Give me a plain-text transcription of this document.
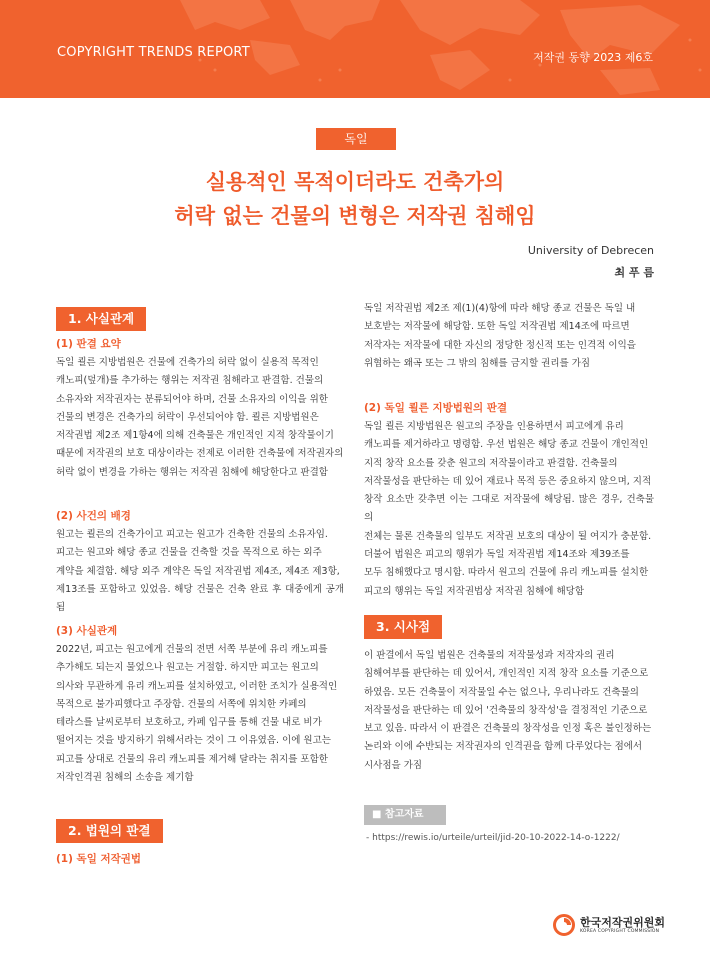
COPYRIGHT TRENDS REPORT	저작권 동향 2023 제6호
독일
실용적인 목적이더라도 건축가의
허락 없는 건물의 변형은 저작권 침해임
University of Debrecen
최 푸 름
1. 사실관계
(1) 판결 요약
독일 쾰른 지방법원은 건물에 건축가의 허락 없이 실용적 목적인
캐노피(덮개)를 추가하는 행위는 저작권 침해라고 판결함. 건물의
소유자와 저작권자는 분류되어야 하며, 건물 소유자의 이익을 위한
건물의 변경은 건축가의 허락이 우선되어야 함. 쾰른 지방법원은
저작권법 제2조 제1항4에 의해 건축물은 개인적인 지적 창작물이기
때문에 저작권의 보호 대상이라는 전제로 이러한 건축물에 저작권자의
허락 없이 변경을 가하는 행위는 저작권 침해에 해당한다고 판결함
(2) 사건의 배경
원고는 쾰른의 건축가이고 피고는 원고가 건축한 건물의 소유자임.
피고는 원고와 해당 종교 건물을 건축할 것을 목적으로 하는 외주
계약을 체결함. 해당 외주 계약은 독일 저작권법 제4조, 제4조 제3항,
제13조를 포함하고 있었음. 해당 건물은 건축 완료 후 대중에게 공개됨
(3) 사실관계
2022년, 피고는 원고에게 건물의 전면 서쪽 부분에 유리 캐노피를
추가해도 되는지 물었으나 원고는 거절함. 하지만 피고는 원고의
의사와 무관하게 유리 캐노피를 설치하였고, 이러한 조치가 실용적인
목적으로 불가피했다고 주장함. 건물의 서쪽에 위치한 카페의
테라스를 날씨로부터 보호하고, 카페 입구를 통해 건물 내로 비가
떨어지는 것을 방지하기 위해서라는 것이 그 이유였음. 이에 원고는
피고를 상대로 건물의 유리 캐노피를 제거해 달라는 취지를 포함한
저작인격권 침해의 소송을 제기함
2. 법원의 판결
(1) 독일 저작권법
독일 저작권법 제2조 제(1)(4)항에 따라 해당 종교 건물은 독일 내
보호받는 저작물에 해당함. 또한 독일 저작권법 제14조에 따르면
저작자는 저작물에 대한 자신의 정당한 정신적 또는 인격적 이익을
위협하는 왜곡 또는 그 밖의 침해를 금지할 권리를 가짐
(2) 독일 쾰른 지방법원의 판결
독일 쾰른 지방법원은 원고의 주장을 인용하면서 피고에게 유리
캐노피를 제거하라고 명령함. 우선 법원은 해당 종교 건물이 개인적인
지적 창작 요소를 갖춘 원고의 저작물이라고 판결함. 건축물의
저작물성을 판단하는 데 있어 재료나 목적 등은 중요하지 않으며, 지적
창작 요소만 갖추면 이는 그대로 저작물에 해당됨. 많은 경우, 건축물의
전체는 물론 건축물의 일부도 저작권 보호의 대상이 될 여지가 충분함.
더불어 법원은 피고의 행위가 독일 저작권법 제14조와 제39조를
모두 침해했다고 명시함. 따라서 원고의 건물에 유리 캐노피를 설치한
피고의 행위는 독일 저작권법상 저작권 침해에 해당함
3. 시사점
이 판결에서 독일 법원은 건축물의 저작물성과 저작자의 권리
침해여부를 판단하는 데 있어서, 개인적인 지적 창작 요소를 기준으로
하였음. 모든 건축물이 저작물일 수는 없으나, 우리나라도 건축물의
저작물성을 판단하는 데 있어 '건축물의 창작성'을 결정적인 기준으로
보고 있음. 따라서 이 판결은 건축물의 창작성을 인정 혹은 불인정하는
논리와 이에 수반되는 저작권자의 인격권을 함께 다루었다는 점에서
시사점을 가짐
■ 참고자료
- https://rewis.io/urteile/urteil/jid-20-10-2022-14-o-1222/
한국저작권위원회
KOREA COPYRIGHT COMMISSION
